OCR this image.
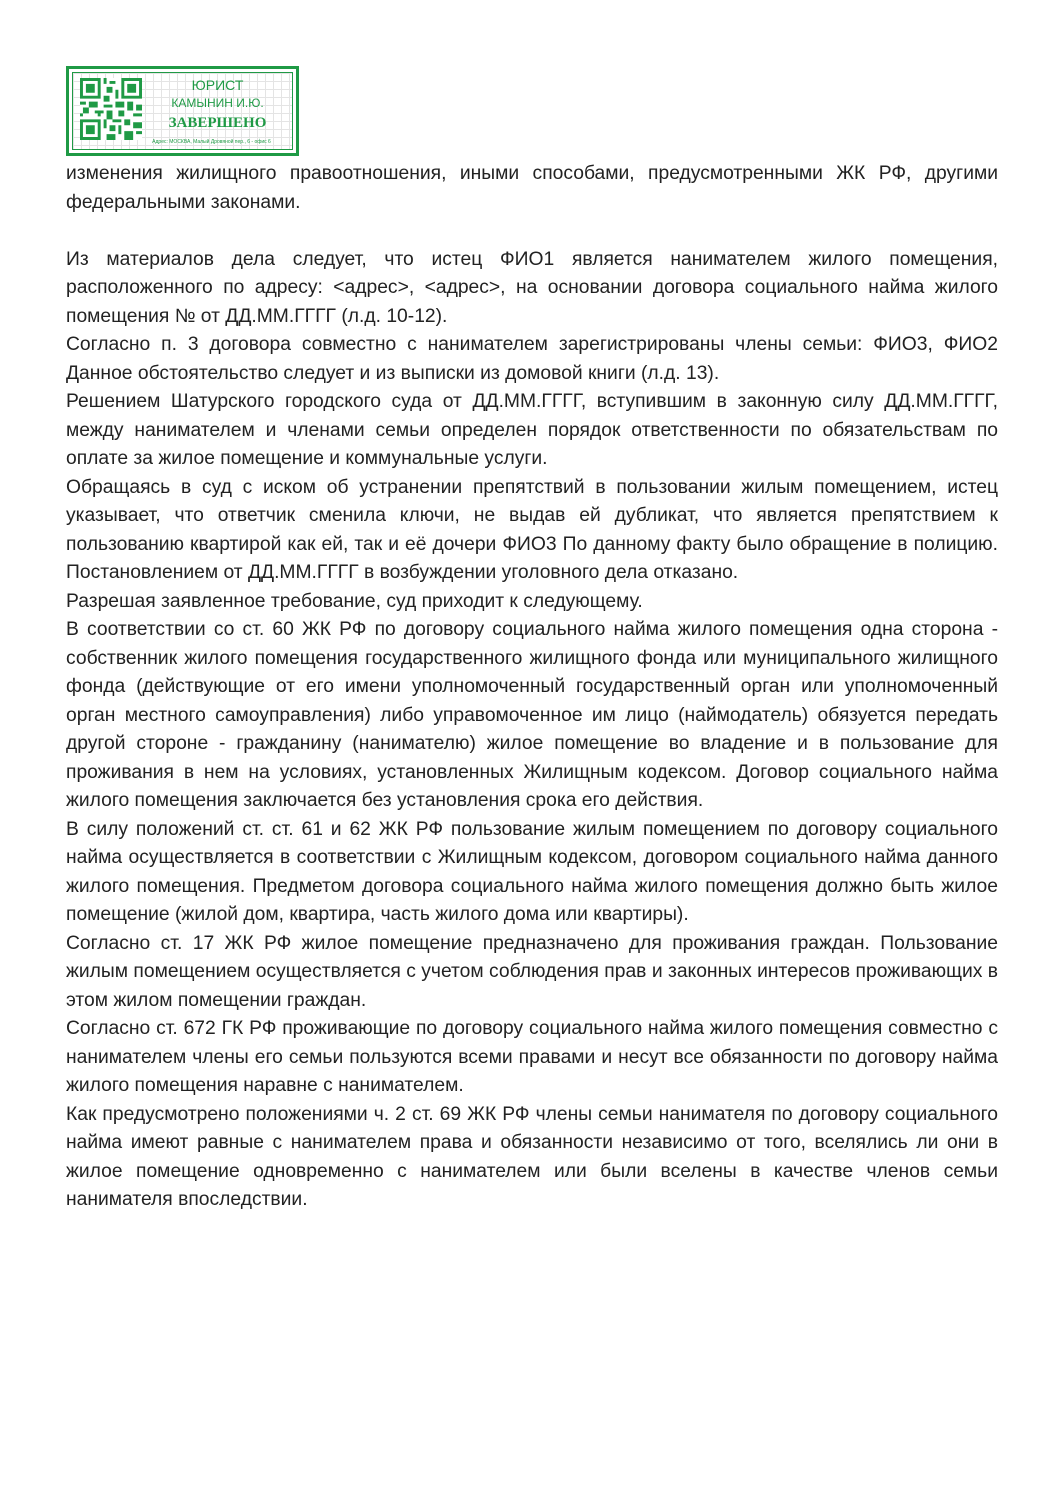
ЮРИСТ
КАМЫНИН И.Ю.
ЗАВЕРШЕНО
Адрес: МОСКВА, Малый Дровяной пер., 6 - офис 6

изменения жилищного правоотношения, иными способами, предусмотренными ЖК РФ, другими федеральными законами.

Из материалов дела следует, что истец ФИО1 является нанимателем жилого помещения, расположенного по адресу: <адрес>, <адрес>, на основании договора социального найма жилого помещения № от ДД.ММ.ГГГГ (л.д. 10-12).

Согласно п. 3 договора совместно с нанимателем зарегистрированы члены семьи: ФИО3, ФИО2 Данное обстоятельство следует и из выписки из домовой книги (л.д. 13).

Решением Шатурского городского суда от ДД.ММ.ГГГГ, вступившим в законную силу ДД.ММ.ГГГГ, между нанимателем и членами семьи определен порядок ответственности по обязательствам по оплате за жилое помещение и коммунальные услуги.

Обращаясь в суд с иском об устранении препятствий в пользовании жилым помещением, истец указывает, что ответчик сменила ключи, не выдав ей дубликат, что является препятствием к пользованию квартирой как ей, так и её дочери ФИО3 По данному факту было обращение в полицию. Постановлением от ДД.ММ.ГГГГ в возбуждении уголовного дела отказано.

Разрешая заявленное требование, суд приходит к следующему.

В соответствии со ст. 60 ЖК РФ по договору социального найма жилого помещения одна сторона - собственник жилого помещения государственного жилищного фонда или муниципального жилищного фонда (действующие от его имени уполномоченный государственный орган или уполномоченный орган местного самоуправления) либо управомоченное им лицо (наймодатель) обязуется передать другой стороне - гражданину (нанимателю) жилое помещение во владение и в пользование для проживания в нем на условиях, установленных Жилищным кодексом. Договор социального найма жилого помещения заключается без установления срока его действия.

В силу положений ст. ст. 61 и 62 ЖК РФ пользование жилым помещением по договору социального найма осуществляется в соответствии с Жилищным кодексом, договором социального найма данного жилого помещения. Предметом договора социального найма жилого помещения должно быть жилое помещение (жилой дом, квартира, часть жилого дома или квартиры).

Согласно ст. 17 ЖК РФ жилое помещение предназначено для проживания граждан. Пользование жилым помещением осуществляется с учетом соблюдения прав и законных интересов проживающих в этом жилом помещении граждан.

Согласно ст. 672 ГК РФ проживающие по договору социального найма жилого помещения совместно с нанимателем члены его семьи пользуются всеми правами и несут все обязанности по договору найма жилого помещения наравне с нанимателем.

Как предусмотрено положениями ч. 2 ст. 69 ЖК РФ члены семьи нанимателя по договору социального найма имеют равные с нанимателем права и обязанности независимо от того, вселялись ли они в жилое помещение одновременно с нанимателем или были вселены в качестве членов семьи нанимателя впоследствии.
